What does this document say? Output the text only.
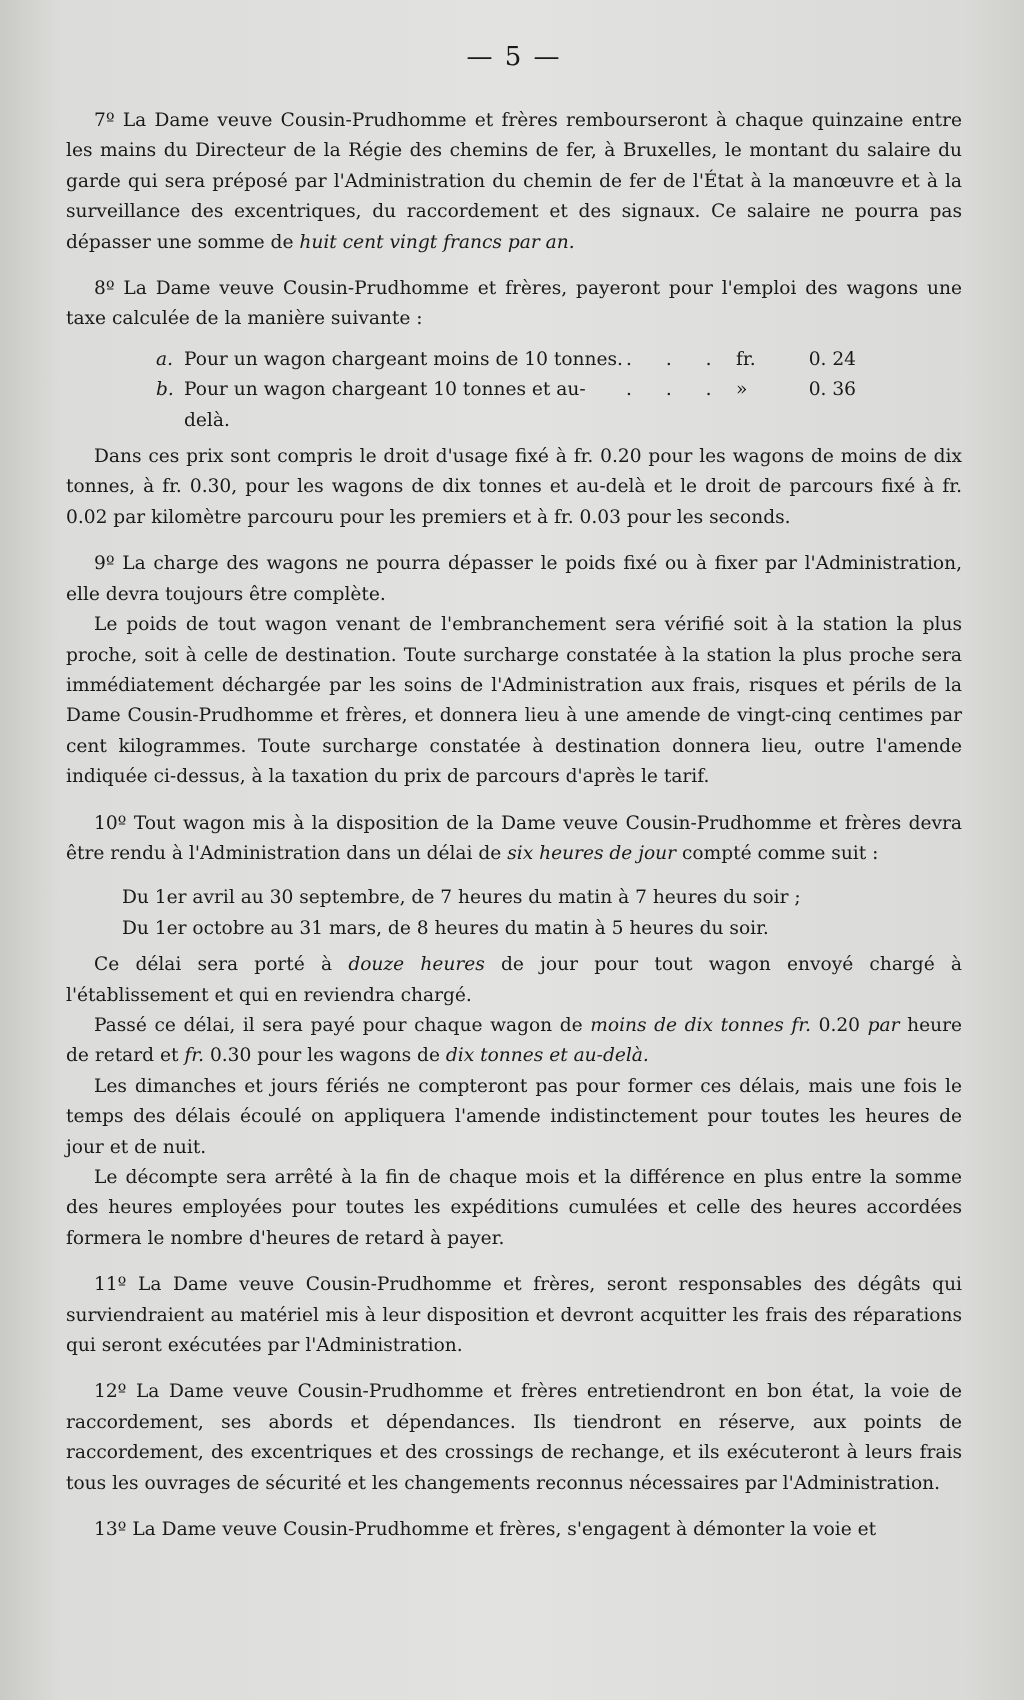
— 5 —

7º La Dame veuve Cousin-Prudhomme et frères rembourseront à chaque quinzaine entre les mains du Directeur de la Régie des chemins de fer, à Bruxelles, le montant du salaire du garde qui sera préposé par l'Administration du chemin de fer de l'État à la manœuvre et à la surveillance des excentriques, du raccordement et des signaux. Ce salaire ne pourra pas dépasser une somme de huit cent vingt francs par an.

8º La Dame veuve Cousin-Prudhomme et frères, payeront pour l'emploi des wagons une taxe calculée de la manière suivante :

a. Pour un wagon chargeant moins de 10 tonnes. . . . fr.	0. 24
b. Pour un wagon chargeant 10 tonnes et au-delà.
. . . »	0. 36

Dans ces prix sont compris le droit d'usage fixé à fr. 0.20 pour les wagons de moins de dix tonnes, à fr. 0.30, pour les wagons de dix tonnes et au-delà et le droit de parcours fixé à fr. 0.02 par kilomètre parcouru pour les premiers et à fr. 0.03 pour les seconds.

9º La charge des wagons ne pourra dépasser le poids fixé ou à fixer par l'Administration, elle devra toujours être complète.

Le poids de tout wagon venant de l'embranchement sera vérifié soit à la station la plus proche, soit à celle de destination. Toute surcharge constatée à la station la plus proche sera immédiatement déchargée par les soins de l'Administration aux frais, risques et périls de la Dame Cousin-Prudhomme et frères, et donnera lieu à une amende de vingt-cinq centimes par cent kilogrammes. Toute surcharge constatée à destination donnera lieu, outre l'amende indiquée ci-dessus, à la taxation du prix de parcours d'après le tarif.

10º Tout wagon mis à la disposition de la Dame veuve Cousin-Prudhomme et frères devra être rendu à l'Administration dans un délai de six heures de jour compté comme suit :

Du 1er avril au 30 septembre, de 7 heures du matin à 7 heures du soir ;
Du 1er octobre au 31 mars, de 8 heures du matin à 5 heures du soir.

Ce délai sera porté à douze heures de jour pour tout wagon envoyé chargé à l'établissement et qui en reviendra chargé.

Passé ce délai, il sera payé pour chaque wagon de moins de dix tonnes fr. 0.20 par heure de retard et fr. 0.30 pour les wagons de dix tonnes et au-delà.

Les dimanches et jours fériés ne compteront pas pour former ces délais, mais une fois le temps des délais écoulé on appliquera l'amende indistinctement pour toutes les heures de jour et de nuit.

Le décompte sera arrêté à la fin de chaque mois et la différence en plus entre la somme des heures employées pour toutes les expéditions cumulées et celle des heures accordées formera le nombre d'heures de retard à payer.

11º La Dame veuve Cousin-Prudhomme et frères, seront responsables des dégâts qui surviendraient au matériel mis à leur disposition et devront acquitter les frais des réparations qui seront exécutées par l'Administration.

12º La Dame veuve Cousin-Prudhomme et frères entretiendront en bon état, la voie de raccordement, ses abords et dépendances. Ils tiendront en réserve, aux points de raccordement, des excentriques et des crossings de rechange, et ils exécuteront à leurs frais tous les ouvrages de sécurité et les changements reconnus nécessaires par l'Administration.

13º La Dame veuve Cousin-Prudhomme et frères, s'engagent à démonter la voie et
